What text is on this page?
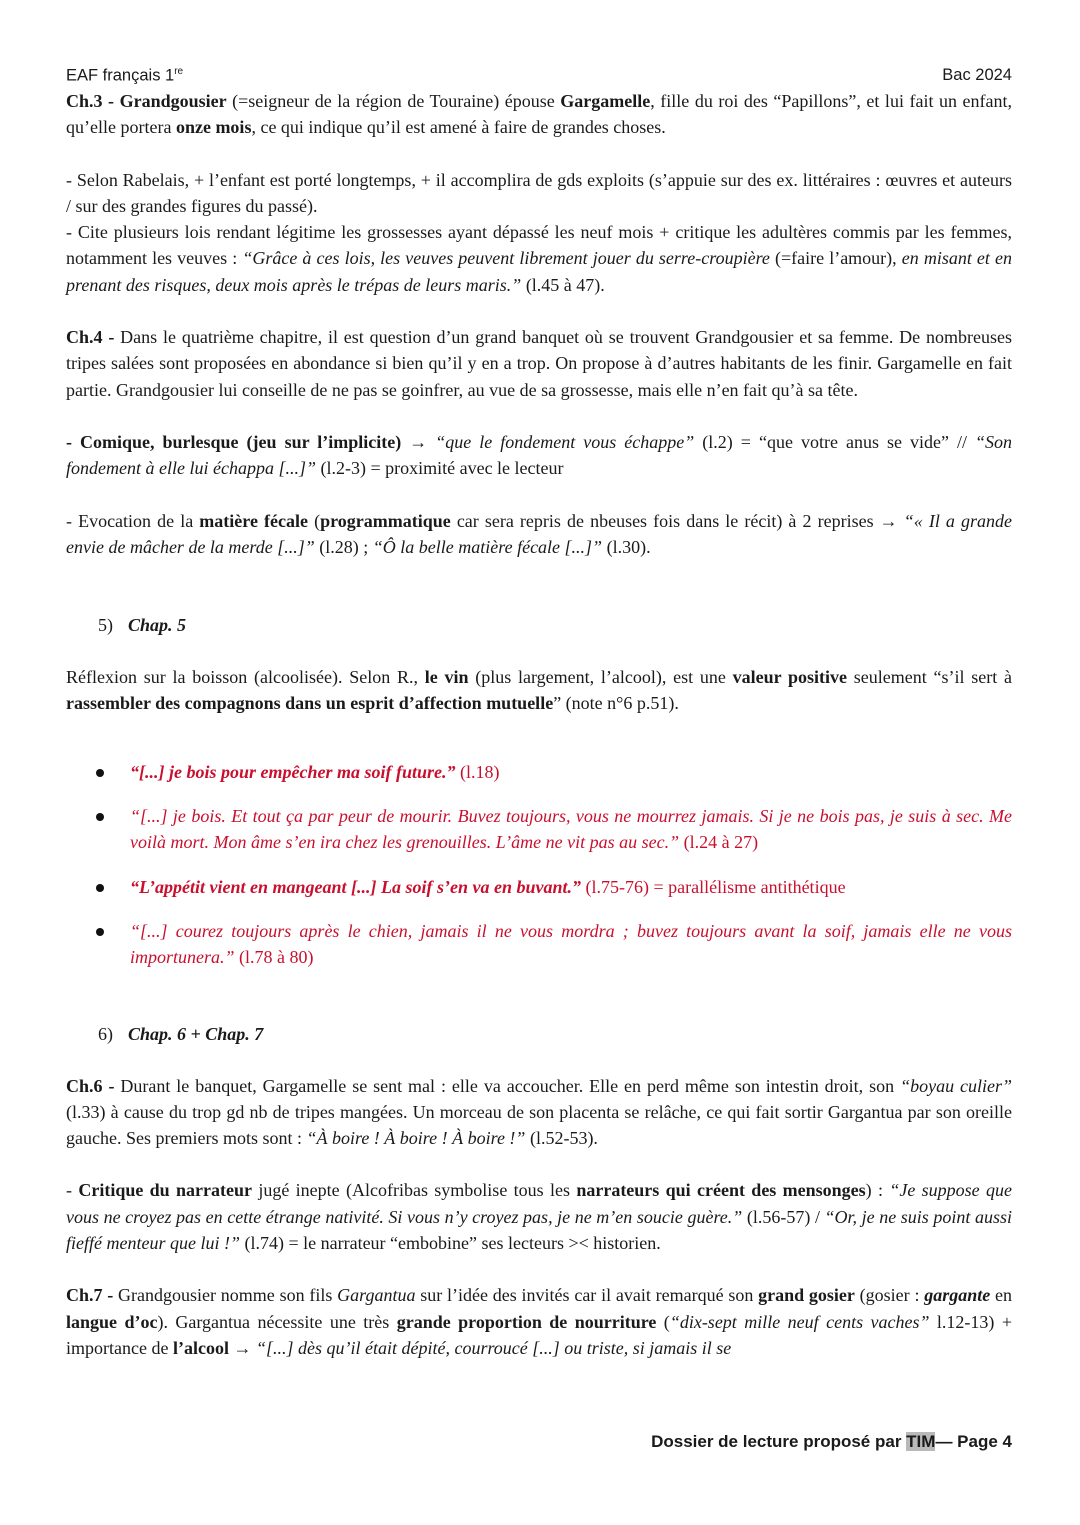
EAF français 1re	Bac 2024

Ch.3 - Grandgousier (=seigneur de la région de Touraine) épouse Gargamelle, fille du roi des “Papillons”, et lui fait un enfant, qu’elle portera onze mois, ce qui indique qu’il est amené à faire de grandes choses.

- Selon Rabelais, + l’enfant est porté longtemps, + il accomplira de gds exploits (s’appuie sur des ex. littéraires : œuvres et auteurs / sur des grandes figures du passé).

- Cite plusieurs lois rendant légitime les grossesses ayant dépassé les neuf mois + critique les adultères commis par les femmes, notamment les veuves : “Grâce à ces lois, les veuves peuvent librement jouer du serre-croupière (=faire l’amour), en misant et en prenant des risques, deux mois après le trépas de leurs maris.” (l.45 à 47).

Ch.4 - Dans le quatrième chapitre, il est question d’un grand banquet où se trouvent Grandgousier et sa femme. De nombreuses tripes salées sont proposées en abondance si bien qu’il y en a trop. On propose à d’autres habitants de les finir. Gargamelle en fait partie. Grandgousier lui conseille de ne pas se goinfrer, au vue de sa grossesse, mais elle n’en fait qu’à sa tête.

- Comique, burlesque (jeu sur l’implicite) → “que le fondement vous échappe” (l.2) = “que votre anus se vide” // “Son fondement à elle lui échappa [...]” (l.2-3) = proximité avec le lecteur

- Evocation de la matière fécale (programmatique car sera repris de nbeuses fois dans le récit) à 2 reprises → “« Il a grande envie de mâcher de la merde [...]” (l.28) ; “Ô la belle matière fécale [...]” (l.30).

5) Chap. 5

Réflexion sur la boisson (alcoolisée). Selon R., le vin (plus largement, l’alcool), est une valeur positive seulement “s’il sert à rassembler des compagnons dans un esprit d’affection mutuelle” (note n°6 p.51).

“[...] je bois pour empêcher ma soif future.” (l.18)
“[...] je bois. Et tout ça par peur de mourir. Buvez toujours, vous ne mourrez jamais. Si je ne bois pas, je suis à sec. Me voilà mort. Mon âme s’en ira chez les grenouilles. L’âme ne vit pas au sec.” (l.24 à 27)
“L’appétit vient en mangeant [...] La soif s’en va en buvant.” (l.75-76) = parallélisme antithétique
“[...] courez toujours après le chien, jamais il ne vous mordra ; buvez toujours avant la soif, jamais elle ne vous importunera.” (l.78 à 80)
6) Chap. 6 + Chap. 7

Ch.6 - Durant le banquet, Gargamelle se sent mal : elle va accoucher. Elle en perd même son intestin droit, son “boyau culier” (l.33) à cause du trop gd nb de tripes mangées. Un morceau de son placenta se relâche, ce qui fait sortir Gargantua par son oreille gauche. Ses premiers mots sont : “À boire ! À boire ! À boire !” (l.52-53).

- Critique du narrateur jugé inepte (Alcofribas symbolise tous les narrateurs qui créent des mensonges) : “Je suppose que vous ne croyez pas en cette étrange nativité. Si vous n’y croyez pas, je ne m’en soucie guère.” (l.56-57) / “Or, je ne suis point aussi fieffé menteur que lui !” (l.74) = le narrateur “embobine” ses lecteurs >< historien.

Ch.7 - Grandgousier nomme son fils Gargantua sur l’idée des invités car il avait remarqué son grand gosier (gosier : gargante en langue d’oc). Gargantua nécessite une très grande proportion de nourriture (“dix-sept mille neuf cents vaches” l.12-13) + importance de l’alcool → “[...] dès qu’il était dépité, courroucé [...] ou triste, si jamais il se

Dossier de lecture proposé par TIM— Page 4
